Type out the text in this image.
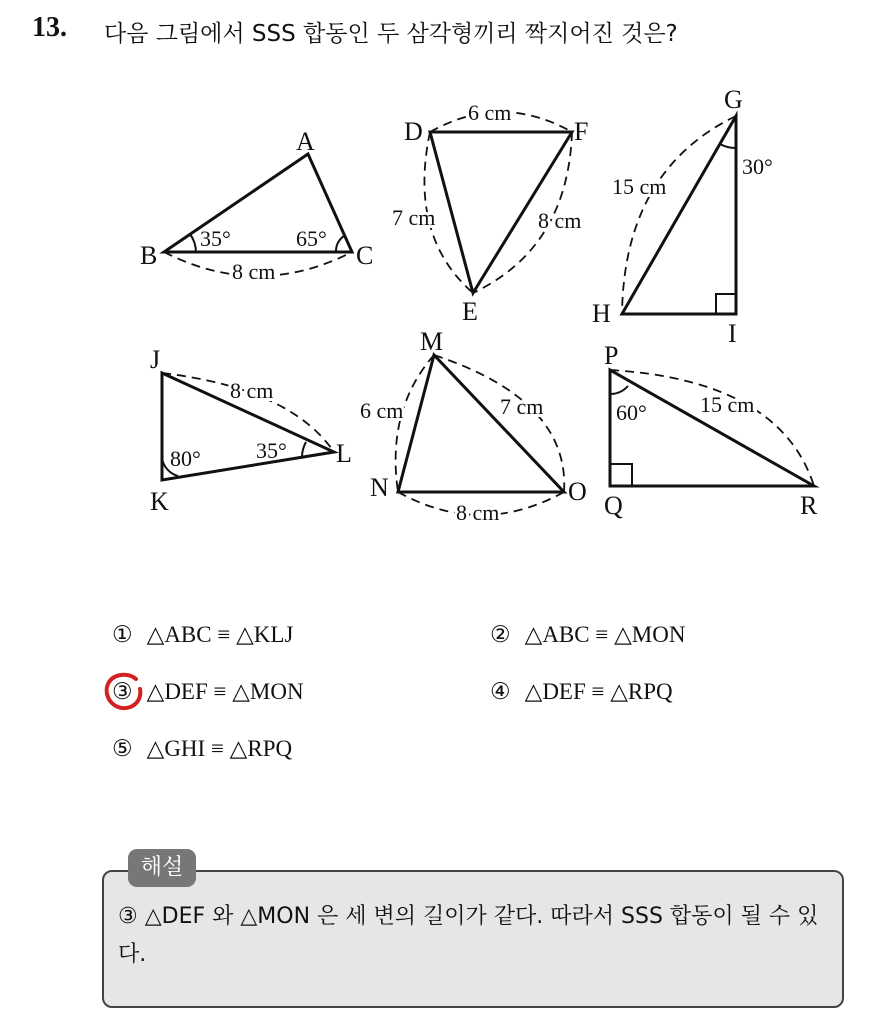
13. 다음 그림에서 SSS 합동인 두 삼각형끼리 짝지어진 것은?
A
B	C
D
E
F
G
H
I
J
K
L
M
N	O
P
Q	R
35°	65°
8 cm
6 cm
7 cm	8 cm
30°
15 cm
8 cm
80°	35°
6 cm	7 cm
8 cm
60° 15 cm
① △ABC ≡ △KLJ	② △ABC ≡ △MON
③ △DEF ≡ △MON	④ △DEF ≡ △RPQ
⑤ △GHI ≡ △RPQ
해설
③ △DEF 와 △MON 은 세 변의 길이가 같다. 따라서 SSS 합동이 될 수 있다.
